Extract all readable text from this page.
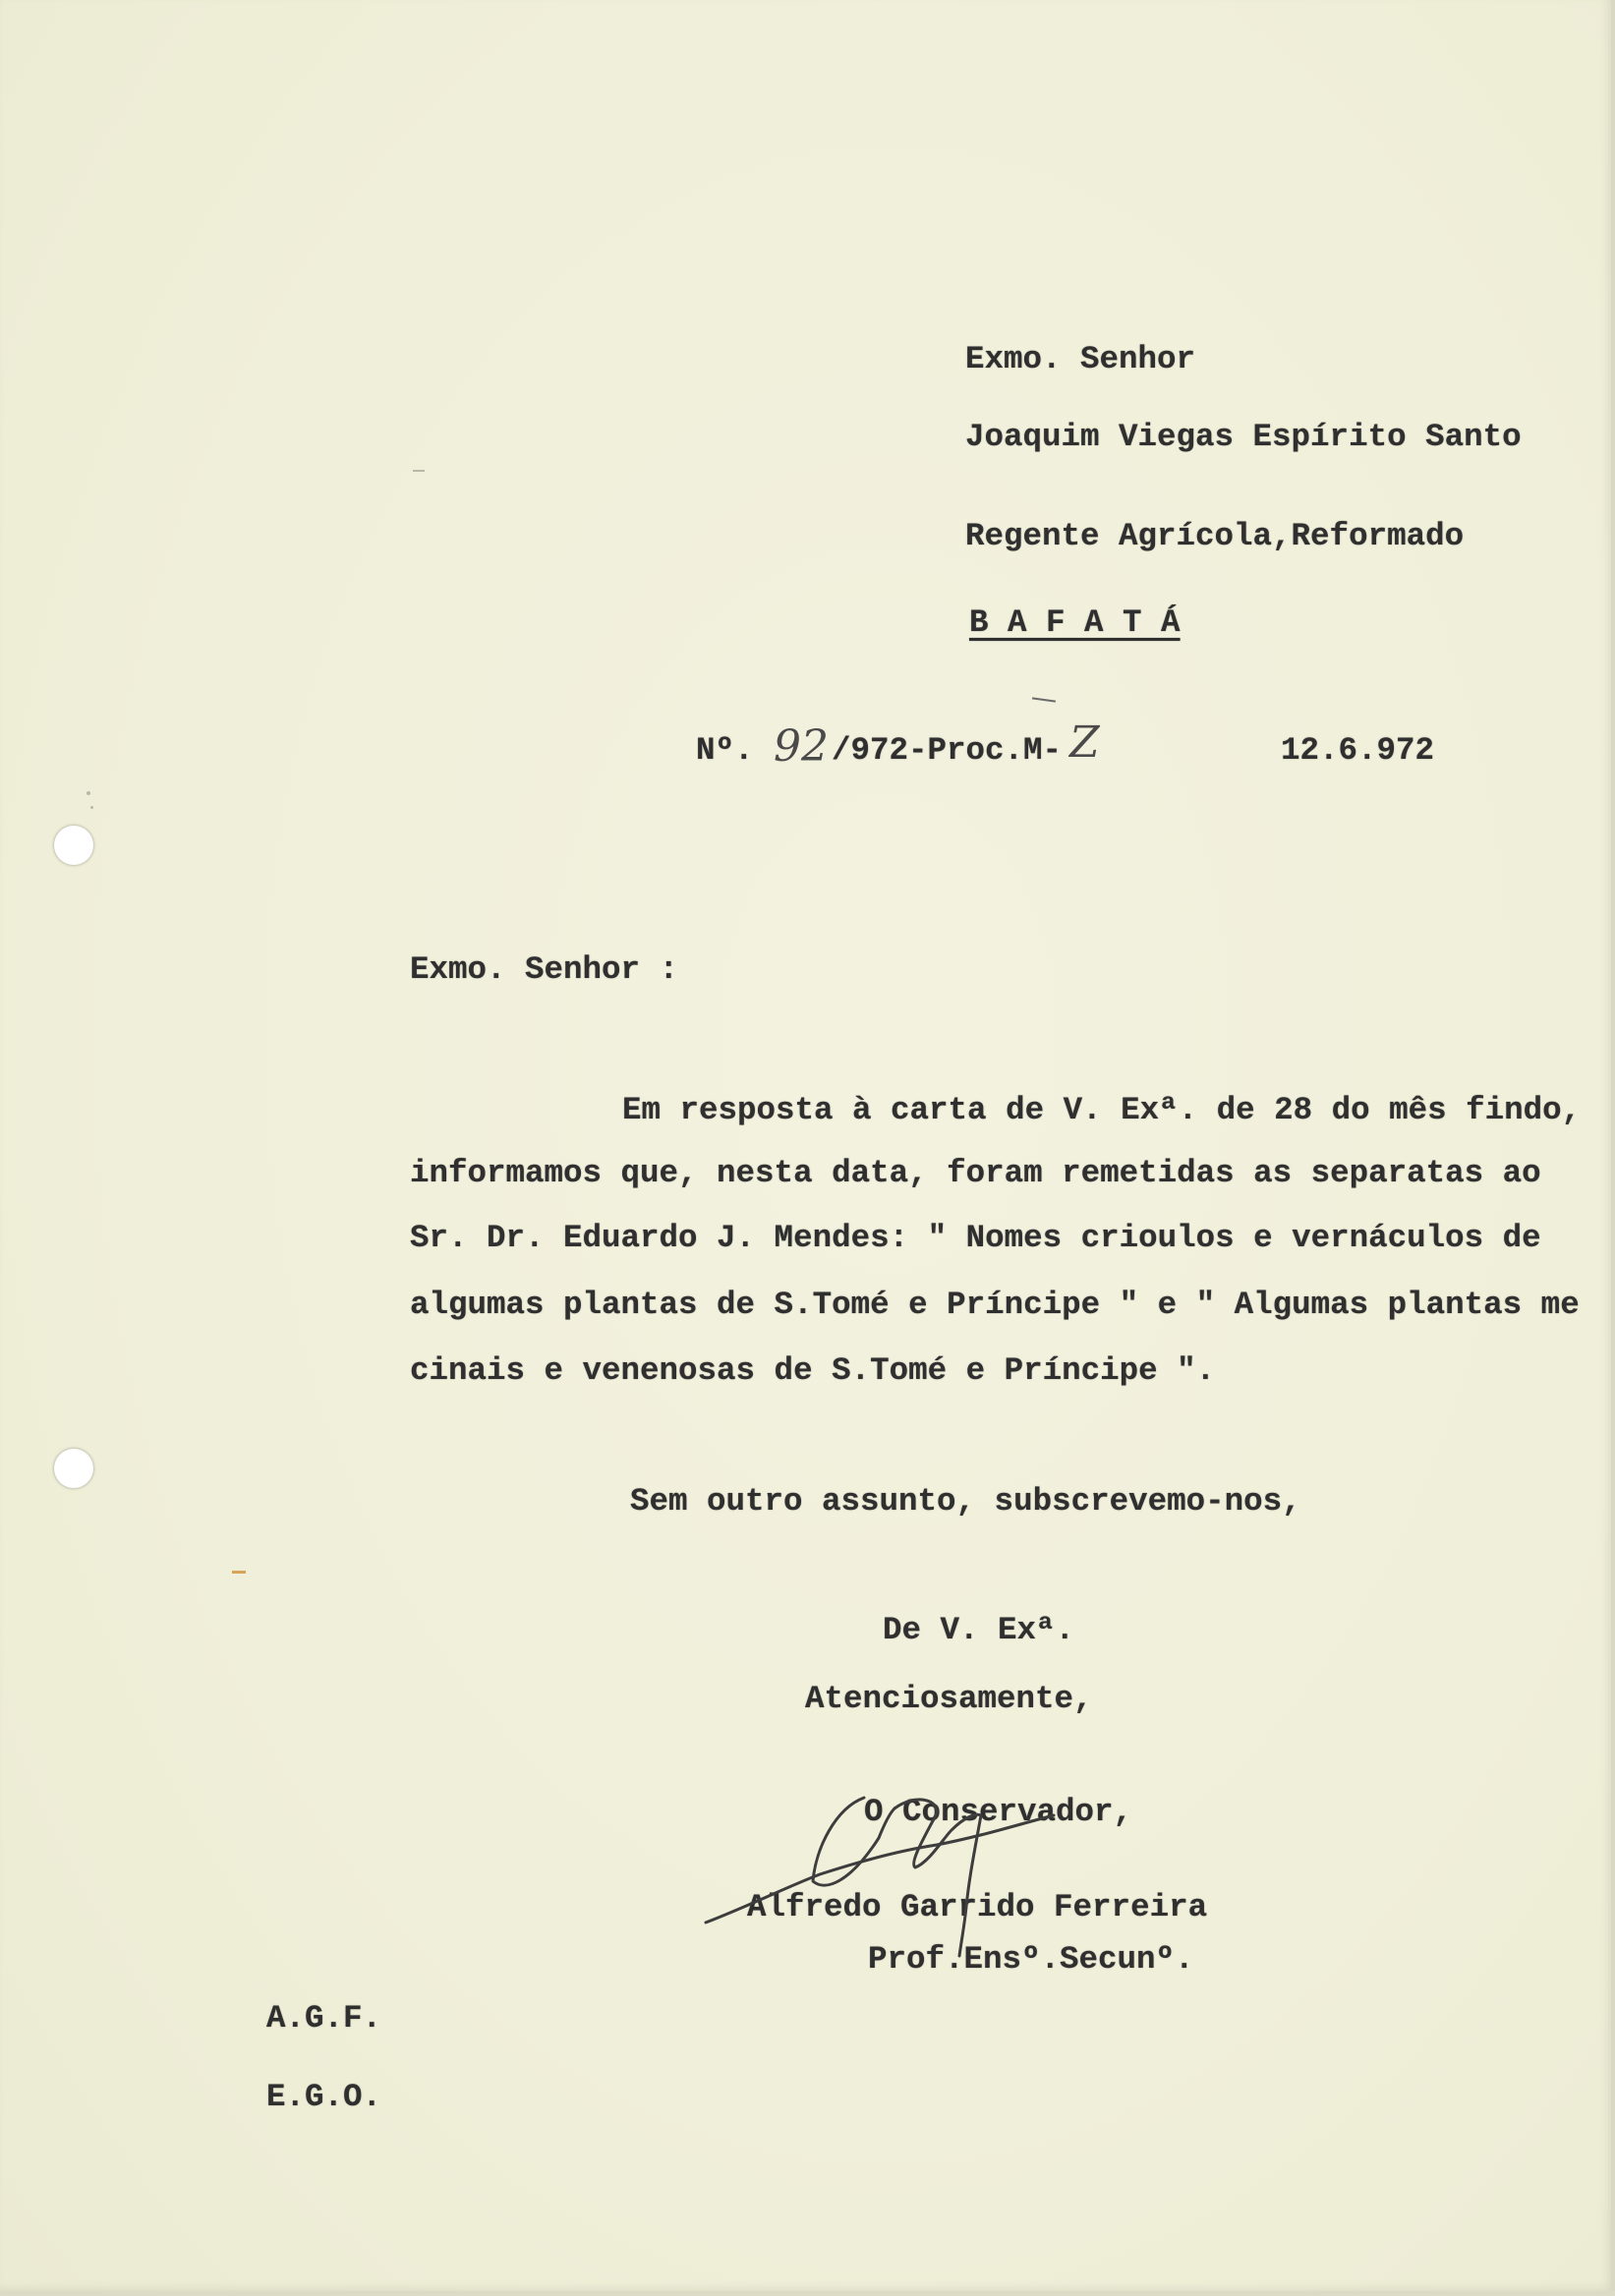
Exmo. Senhor
Joaquim Viegas Espírito Santo
Regente Agrícola,Reformado
B A F A T Á
Nº. 92 /972-Proc.M- Z	12.6.972
Exmo. Senhor :
Em resposta à carta de V. Exª. de 28 do mês findo,
informamos que, nesta data, foram remetidas as separatas ao
Sr. Dr. Eduardo J. Mendes: " Nomes crioulos e vernáculos de
algumas plantas de S.Tomé e Príncipe " e " Algumas plantas me
cinais e venenosas de S.Tomé e Príncipe ".
Sem outro assunto, subscrevemo-nos,
De V. Exª.
Atenciosamente,
O Conservador,
Alfredo Garrido Ferreira
Prof.Ensº.Secunº.
A.G.F.
E.G.O.
